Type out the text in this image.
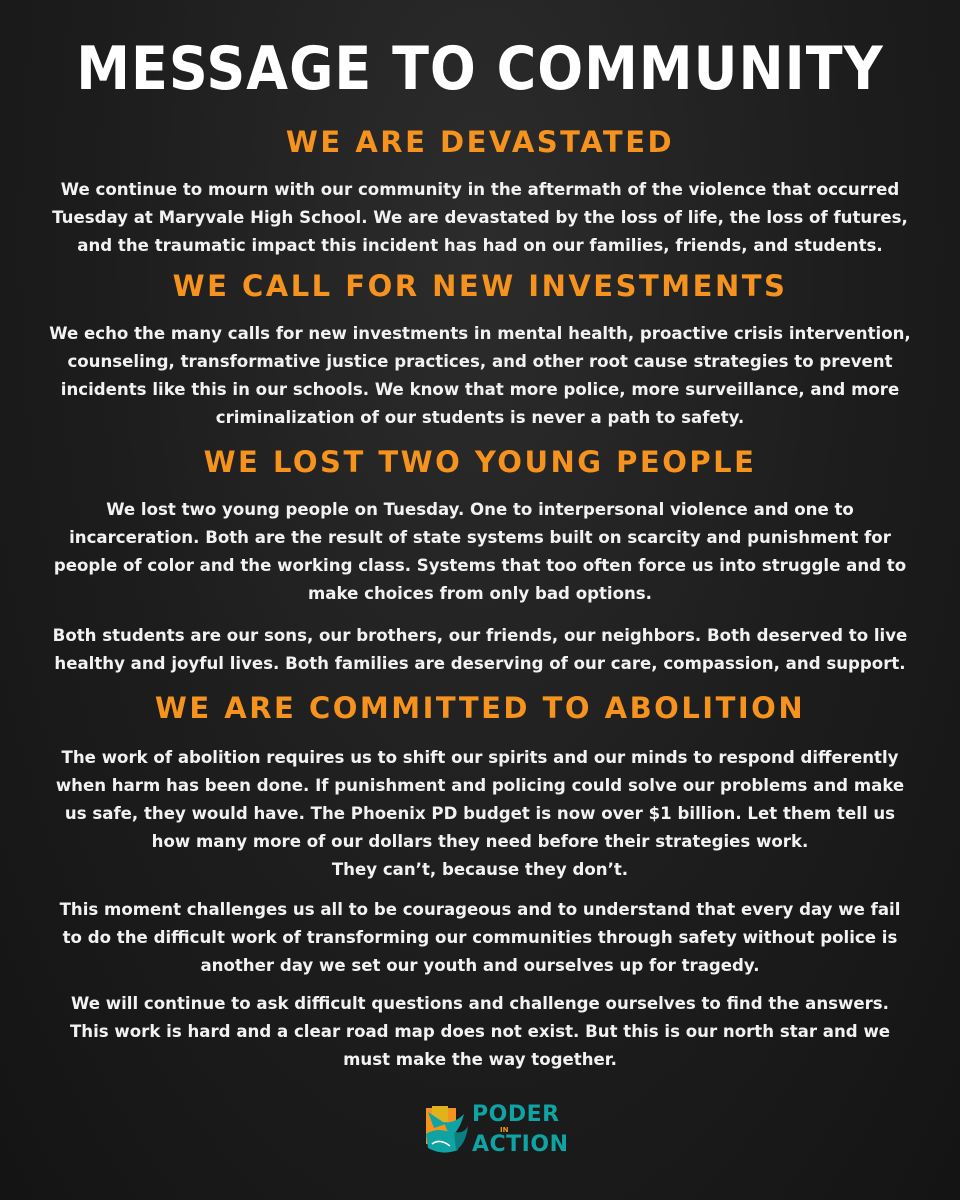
MESSAGE TO COMMUNITY
WE ARE DEVASTATED

We continue to mourn with our community in the aftermath of the violence that occurred
Tuesday at Maryvale High School. We are devastated by the loss of life, the loss of futures,
and the traumatic impact this incident has had on our families, friends, and students.

WE CALL FOR NEW INVESTMENTS

We echo the many calls for new investments in mental health, proactive crisis intervention,
counseling, transformative justice practices, and other root cause strategies to prevent
incidents like this in our schools. We know that more police, more surveillance, and more
criminalization of our students is never a path to safety.

WE LOST TWO YOUNG PEOPLE

We lost two young people on Tuesday. One to interpersonal violence and one to
incarceration. Both are the result of state systems built on scarcity and punishment for
people of color and the working class. Systems that too often force us into struggle and to
make choices from only bad options.

Both students are our sons, our brothers, our friends, our neighbors. Both deserved to live
healthy and joyful lives. Both families are deserving of our care, compassion, and support.

WE ARE COMMITTED TO ABOLITION

The work of abolition requires us to shift our spirits and our minds to respond differently
when harm has been done. If punishment and policing could solve our problems and make
us safe, they would have. The Phoenix PD budget is now over $1 billion. Let them tell us
how many more of our dollars they need before their strategies work.
They can’t, because they don’t.

This moment challenges us all to be courageous and to understand that every day we fail
to do the difficult work of transforming our communities through safety without police is
another day we set our youth and ourselves up for tragedy.

We will continue to ask difficult questions and challenge ourselves to find the answers.
This work is hard and a clear road map does not exist. But this is our north star and we
must make the way together.

PODER
IN
ACTION
